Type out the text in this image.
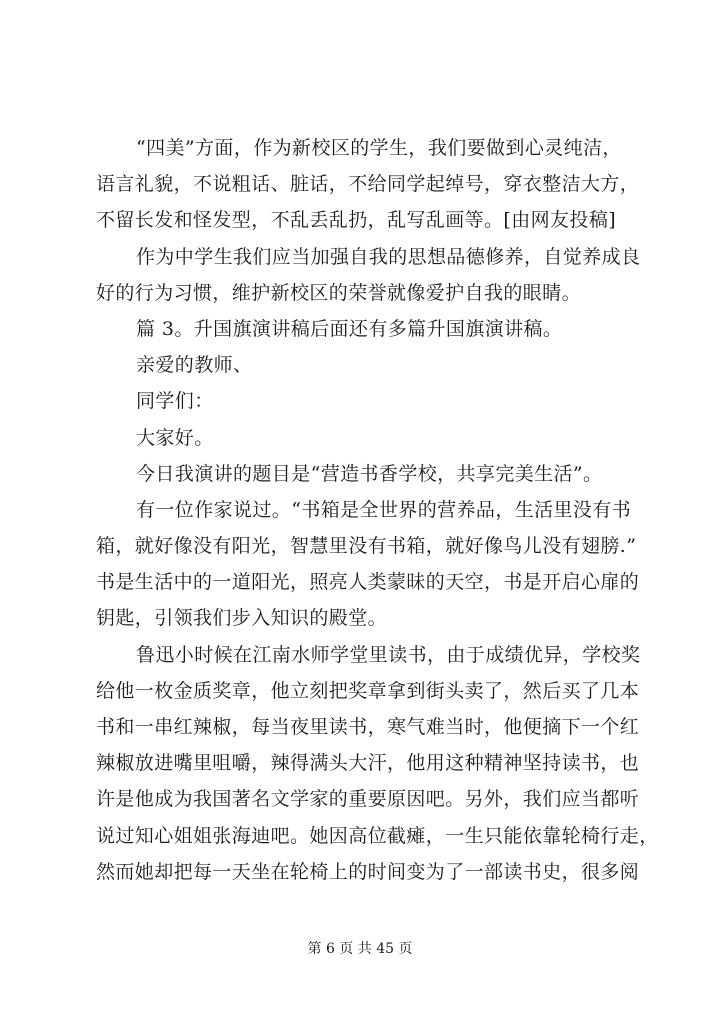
“四美”方面，作为新校区的学生，我们要做到心灵纯洁，
语言礼貌，不说粗话、脏话，不给同学起绰号，穿衣整洁大方，
不留长发和怪发型，不乱丢乱扔，乱写乱画等。[由网友投稿]
作为中学生我们应当加强自我的思想品德修养，自觉养成良
好的行为习惯，维护新校区的荣誉就像爱护自我的眼睛。
篇 3。升国旗演讲稿后面还有多篇升国旗演讲稿。
亲爱的教师、
同学们：
大家好。
今日我演讲的题目是“营造书香学校，共享完美生活”。
有一位作家说过。“书箱是全世界的营养品，生活里没有书
箱，就好像没有阳光，智慧里没有书箱，就好像鸟儿没有翅膀.”
书是生活中的一道阳光，照亮人类蒙昧的天空，书是开启心扉的
钥匙，引领我们步入知识的殿堂。
鲁迅小时候在江南水师学堂里读书，由于成绩优异，学校奖
给他一枚金质奖章，他立刻把奖章拿到街头卖了，然后买了几本
书和一串红辣椒，每当夜里读书，寒气难当时，他便摘下一个红
辣椒放进嘴里咀嚼，辣得满头大汗，他用这种精神坚持读书，也
许是他成为我国著名文学家的重要原因吧。另外，我们应当都听
说过知心姐姐张海迪吧。她因高位截瘫，一生只能依靠轮椅行走，
然而她却把每一天坐在轮椅上的时间变为了一部读书史，很多阅
第 6 页 共 45 页
